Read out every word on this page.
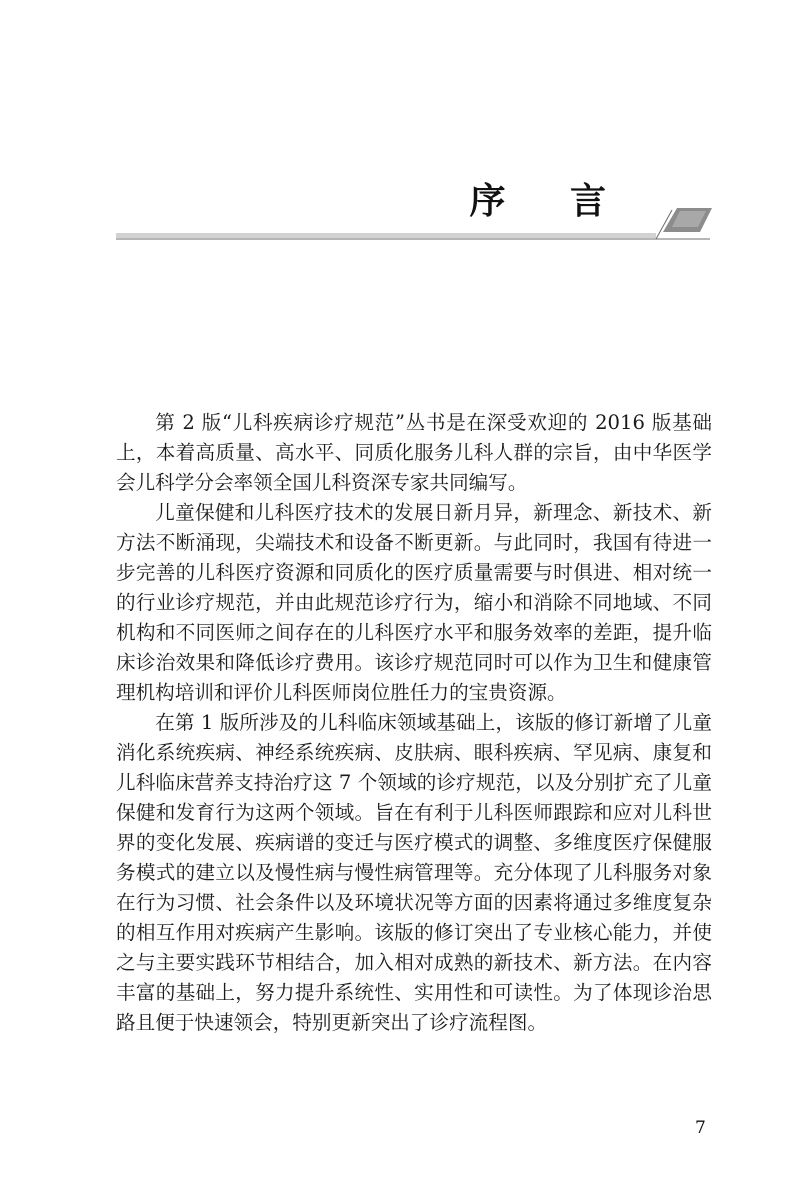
序 言

第 2 版“儿科疾病诊疗规范”丛书是在深受欢迎的 2016 版基础上，本着高质量、高水平、同质化服务儿科人群的宗旨，由中华医学会儿科学分会率领全国儿科资深专家共同编写。

儿童保健和儿科医疗技术的发展日新月异，新理念、新技术、新方法不断涌现，尖端技术和设备不断更新。与此同时，我国有待进一步完善的儿科医疗资源和同质化的医疗质量需要与时俱进、相对统一的行业诊疗规范，并由此规范诊疗行为，缩小和消除不同地域、不同机构和不同医师之间存在的儿科医疗水平和服务效率的差距，提升临床诊治效果和降低诊疗费用。该诊疗规范同时可以作为卫生和健康管理机构培训和评价儿科医师岗位胜任力的宝贵资源。

在第 1 版所涉及的儿科临床领域基础上，该版的修订新增了儿童消化系统疾病、神经系统疾病、皮肤病、眼科疾病、罕见病、康复和儿科临床营养支持治疗这 7 个领域的诊疗规范，以及分别扩充了儿童保健和发育行为这两个领域。旨在有利于儿科医师跟踪和应对儿科世界的变化发展、疾病谱的变迁与医疗模式的调整、多维度医疗保健服务模式的建立以及慢性病与慢性病管理等。充分体现了儿科服务对象在行为习惯、社会条件以及环境状况等方面的因素将通过多维度复杂的相互作用对疾病产生影响。该版的修订突出了专业核心能力，并使之与主要实践环节相结合，加入相对成熟的新技术、新方法。在内容丰富的基础上，努力提升系统性、实用性和可读性。为了体现诊治思路且便于快速领会，特别更新突出了诊疗流程图。

7
